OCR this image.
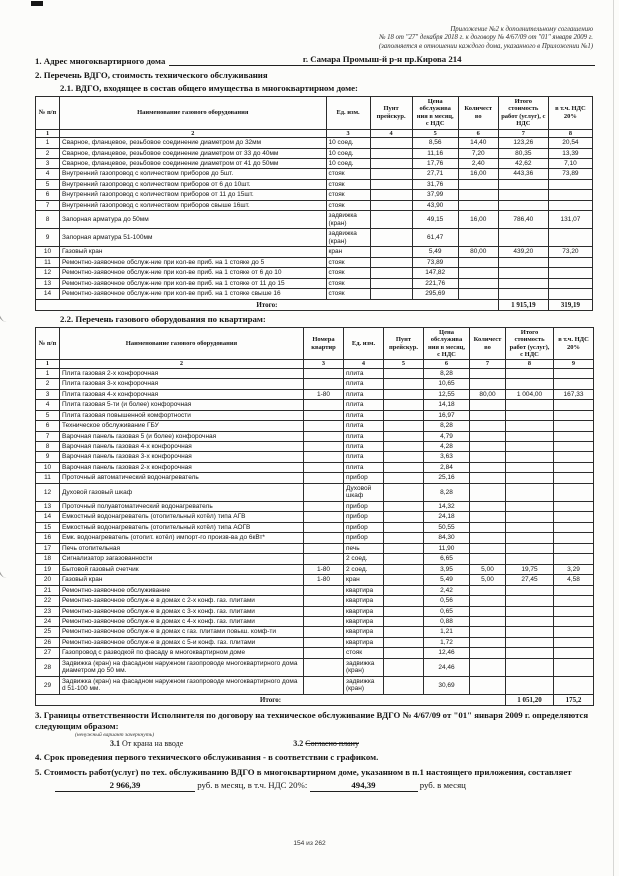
Приложение №2 к дополнительному соглашению
№ 18 от "27" декабря 2018 г. к договору № 4/67/09 от "01" января 2009 г.
(заполняется в отношении каждого дома, указанного в Приложении №1)
1. Адрес многоквартирного дома	г. Самара Промыш-й р-н пр.Кирова 214
2. Перечень ВДГО, стоимость технического обслуживания
2.1. ВДГО, входящее в состав общего имущества в многоквартирном доме:
№ п/п	Наименование газового оборудования	Ед. изм.	Пунт прейскур.	Цена обслужива ния в месяц, с НДС	Количест во	Итого стоимость работ (услуг), с НДС	в т.ч. НДС 20%
1	2	3	4	5	6	7	8
1	Сварное, фланцевое, резьбовое соединение диаметром до 32мм	10 соед.		8,56	14,40	123,26	20,54
2	Сварное, фланцевое, резьбовое соединение диаметром от 33 до 40мм	10 соед.		11,16	7,20	80,35	13,39
3	Сварное, фланцевое, резьбовое соединение диаметром от 41 до 50мм	10 соед.		17,76	2,40	42,62	7,10
4	Внутренний газопровод с количеством приборов до 5шт.	стояк		27,71	16,00	443,36	73,89
5	Внутренний газопровод с количеством приборов от 6 до 10шт.	стояк		31,76			
6	Внутренний газопровод с количеством приборов от 11 до 15шт.	стояк		37,99			
7	Внутренний газопровод с количеством приборов свыше 16шт.	стояк		43,90			
8	Запорная арматура до 50мм	задвижка (кран)		49,15	16,00	786,40	131,07
9	Запорная арматура 51-100мм	задвижка (кран)		61,47			
10	Газовый кран	кран		5,49	80,00	439,20	73,20
11	Ремонтно-заявочное обслуж-ние при кол-ве приб. на 1 стояке до 5	стояк		73,89			
12	Ремонтно-заявочное обслуж-ние при кол-ве приб. на 1 стояке от 6 до 10	стояк		147,82			
13	Ремонтно-заявочное обслуж-ние при кол-ве приб. на 1 стояке от 11 до 15	стояк		221,76			
14	Ремонтно-заявочное обслуж-ние при кол-ве приб. на 1 стояке свыше 16	стояк		295,69			
Итого:						1 915,19	319,19
2.2. Перечень газового оборудования по квартирам:
№ п/п	Наименование газового оборудования	Номера квартир	Ед. изм.	Пунт прейскур.	Цена обслужива ния в месяц, с НДС	Количест во	Итого стоимость работ (услуг), с НДС	в т.ч. НДС 20%
1	2	3	4	5	6	7	8	9
1	Плита газовая 2-х конфорочная		плита		8,28			
2	Плита газовая 3-х конфорочная		плита		10,65			
3	Плита газовая 4-х конфорочная	1-80	плита		12,55	80,00	1 004,00	167,33
4	Плита газовая 5-ти (и более) конфорочная		плита		14,18			
5	Плита газовая повышенной комфортности		плита		16,97			
6	Техническое обслуживание ГБУ		плита		8,28			
7	Варочная панель газовая 5 (и более) конфорочная		плита		4,79			
8	Варочная панель газовая 4-х конфорочная		плита		4,28			
9	Варочная панель газовая 3-х конфорочная		плита		3,63			
10	Варочная панель газовая 2-х конфорочная		плита		2,84			
11	Проточный автоматический водонагреватель		прибор		25,16			
12	Духовой газовый шкаф		Духовой шкаф		8,28			
13	Проточный полуавтоматический водонагреватель		прибор		14,32			
14	Емкостный водонагреватель (отопительный котёл) типа АГВ		прибор		24,18			
15	Емкостный водонагреватель (отопительный котёл) типа АОГВ		прибор		50,55			
16	Емк. водонагреватель (отопит. котёл) импорт-го произв-ва до 6кВт*		прибор		84,30			
17	Печь отопительная		печь		11,90			
18	Сигнализатор загазованности		2 соед.		6,65			
19	Бытовой газовый счетчик	1-80	2 соед.		3,95	5,00	19,75	3,29
20	Газовый кран	1-80	кран		5,49	5,00	27,45	4,58
21	Ремонтно-заявочное обслуживание		квартира		2,42			
22	Ремонтно-заявочное обслуж-е в домах с 2-х конф. газ. плитами		квартира		0,56			
23	Ремонтно-заявочное обслуж-е в домах с 3-х конф. газ. плитами		квартира		0,65			
24	Ремонтно-заявочное обслуж-е в домах с 4-х конф. газ. плитами		квартира		0,88			
25	Ремонтно-заявочное обслуж-е в домах с газ. плитами повыш. комф-ти		квартира		1,21			
26	Ремонтно-заявочное обслуж-е в домах с 5-и конф. газ. плитами		квартира		1,72			
27	Газопровод с разводкой по фасаду в многоквартирном доме		стояк		12,46			
28	Задвижка (кран) на фасадном наружном газопроводе многоквартирного дома диаметром до 50 мм.		задвижка (кран)		24,46			
29	Задвижка (кран) на фасадном наружном газопроводе многоквартирного дома d 51-100 мм.		задвижка (кран)		30,69			
Итого:							1 051,20	175,2
3. Границы ответственности Исполнителя по договору на техническое обслуживание ВДГО № 4/67/09 от "01" января 2009 г. определяются следующим образом:
(ненужный вариант зачеркнуть)
3.1 От крана на вводе	3.2 Согласно плану
4. Срок проведения первого технического обслуживания - в соответствии с графиком.
5. Стоимость работ(услуг) по тех. обслуживанию ВДГО в многоквартирном доме, указанном в п.1 настоящего приложения, составляет
2 966,39	руб. в месяц, в т.ч. НДС 20%:	494,39	руб. в месяц
154 из 262
